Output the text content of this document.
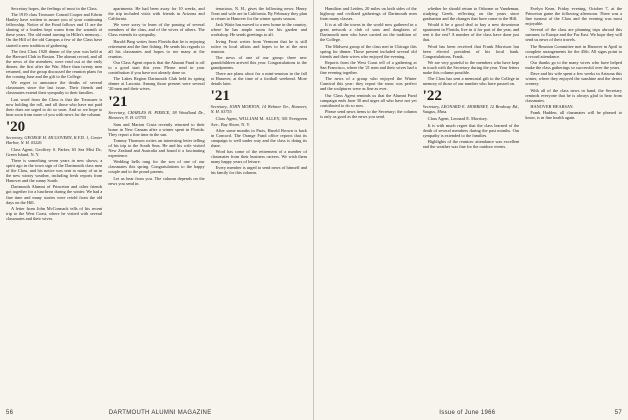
Secretary hopes, the feelings of most in the Class.

The 1919 class Treasurer Conrad Cooper and Edwin Hanley have written to assure you of your continuing fellowship. Notice of the Fund follows and 11 are the sharing of a burden kept warm from the warmth of these years. The old mind turning in Hiller's memory... On the Hill of the old Campus a few of the Class have started a new tradition of gathering.

The first Class 1920 dinner of the year was held at the Harvard Club in Boston. The alumni record, and all the news of the members, were read out at the early dinner, the first after the War. More than twenty men returned, and the group discussed the reunion plans for the coming June and the gift to the College.

We regret to announce the deaths of several classmates since the last issue. Their friends and classmates extend their sympathy to their families.

Last word from the Class is that the Treasurer is now holding the roll, and all those who have not paid their dues are urged to do so soon. And so we hope to hear soon from more of you with news for the column.

'20
Secretary, GEORGE H. MCGOVERN, R.F.D. 1, Center Harbor, N. H. 03226

Class Agent, Geoffrey S. Parker, 65 Sea Mist Dr., Green Island, N. Y.

There is something seven years in new shows; a spirit ago in the town sign of the Dartmouth class men of the Class, and his notice was sent to many of us in the new wintry weather, including fresh reports from Hanover and the sunny South.

Dartmouth Alumni of Princeton and other friends got together for a luncheon during the winter. We had a fine time and many stories were retold from the old days on the Hill.

A letter from John McCormack tells of his recent trip to the West Coast, where he visited with several classmates and their wives.

apartments. He had been away for 10 weeks, and the trip included visits with friends in Arizona and California.

We were sorry to learn of the passing of several members of the class, and of the wives of others. The Class extends its sympathy.

Harold Berg writes from Florida that he is enjoying retirement and the fine fishing. He sends his regards to all his classmates and hopes to see many at the reunion.

Our Class Agent reports that the Alumni Fund is off to a good start this year. Please send in your contribution if you have not already done so.

The Lakes Region Dartmouth Club held its spring dinner at Laconia. Among those present were several '20 men and their wives.

'21
Secretary, CHARLES H. PIERCE, 58 Woodland Dr., Hanover, N. H. 03755

Sam and Marion Costa recently returned to their home in New Canaan after a winter spent in Florida. They report a fine time in the sun.

Tommy Thomson writes an interesting letter telling of his trip to the South Seas. He and his wife visited New Zealand and Australia and found it a fascinating experience.

Wedding bells rang for the son of one of our classmates this spring. Congratulations to the happy couple and to the proud parents.

Let us hear from you. The column depends on the news you send in.

tenacious, N. H., gives the following news: Henry Treat and wife are in California. By February they plan to return to Hanover for the winter sports season.

Jack Waite has moved to a new home in the country, where he has ample room for his garden and workshop. He sends greetings to all.

Irving Frost writes from Vermont that he is still active in local affairs and hopes to be at the next reunion.

The news of one of our group: three new grandchildren arrived this year. Congratulations to the grandparents.

There are plans afoot for a mini-reunion in the fall at Hanover, at the time of a football weekend. More details later.

'21
Secretary, JOHN MORTON, 14 Webster Ter., Hanover, N. H. 03755

Class Agent, WILLIAM M. ALLEY, 301 Evergreen Ave., Bay Shore, N. Y.

After some months in Paris, Harold Brown is back in Concord. The Orange Fund office reports that its campaign is well under way and the class is doing its share.

Word has come of the retirement of a number of classmates from their business careers. We wish them many happy years of leisure.

Every member is urged to send news of himself and his family for this column.

56	DARTMOUTH ALUMNI MAGAZINE

Hamilton and Leiden, 20 miles on both sides of the highway and civilized gatherings of Dartmouth men from many classes.

It is at all the towns in the world now gathered in a great network a club of sons and daughters of Dartmouth men who have carried on the tradition of the College.

The Midwest group of the class met in Chicago this spring for dinner. Those present included several old friends and their wives who enjoyed the evening.

Reports from the West Coast tell of a gathering at San Francisco, where the '21 men and their wives had a fine evening together.

The news of a group who enjoyed the Winter Carnival this year: they report the snow was perfect and the sculptures were as fine as ever.

Our Class Agent reminds us that the Alumni Fund campaign ends June 30 and urges all who have not yet contributed to do so now.

Please send news items to the Secretary; the column is only as good as the news you send.

whether he should return to Osborne or Vandeman, studying Greek, reflecting on the years since graduation and the changes that have come to the Hill.

Would it be a good deal to buy a new downtown apartment in Florida, live in it for part of the year, and rent it the rest? A number of the class have done just that.

Word has been received that Frank Morrison has been elected president of his local bank. Congratulations, Frank.

We are very grateful to the members who have kept in touch with the Secretary during the year. Your letters make this column possible.

The Class has sent a memorial gift to the College in memory of those of our number who have passed on.

'22
Secretary, LEONARD E. MORRISEY, 12 Brodway Rd., Saugus, Mass.

Class Agent, Leonard E. Morrisey.

It is with much regret that the class learned of the death of several members during the past months. Our sympathy is extended to the families.

Highlights of the reunion: attendance was excellent and the weather was fine for the outdoor events.

Evelyn Kean, Friday evening, October 7, at the Princeton game the following afternoon. There was a fine turnout of the Class and the evening was most enjoyable.

Several of the class are planning trips abroad this summer, to Europe and the Far East. We hope they will send us news of their travels.

The Reunion Committee met in Hanover in April to complete arrangements for the 45th. All signs point to a record attendance.

Our thanks go to the many wives who have helped make the class gatherings so successful over the years.

Dave and his wife spent a few weeks in Arizona this winter, where they enjoyed the sunshine and the desert scenery.

With all of the class news in hand, the Secretary reminds everyone that he is always glad to hear from classmates.

HANOVER HEARSAY:

Frank Hadden, all classmates will be pleased to know, is in fine health again.

Issue of June 1966	57
